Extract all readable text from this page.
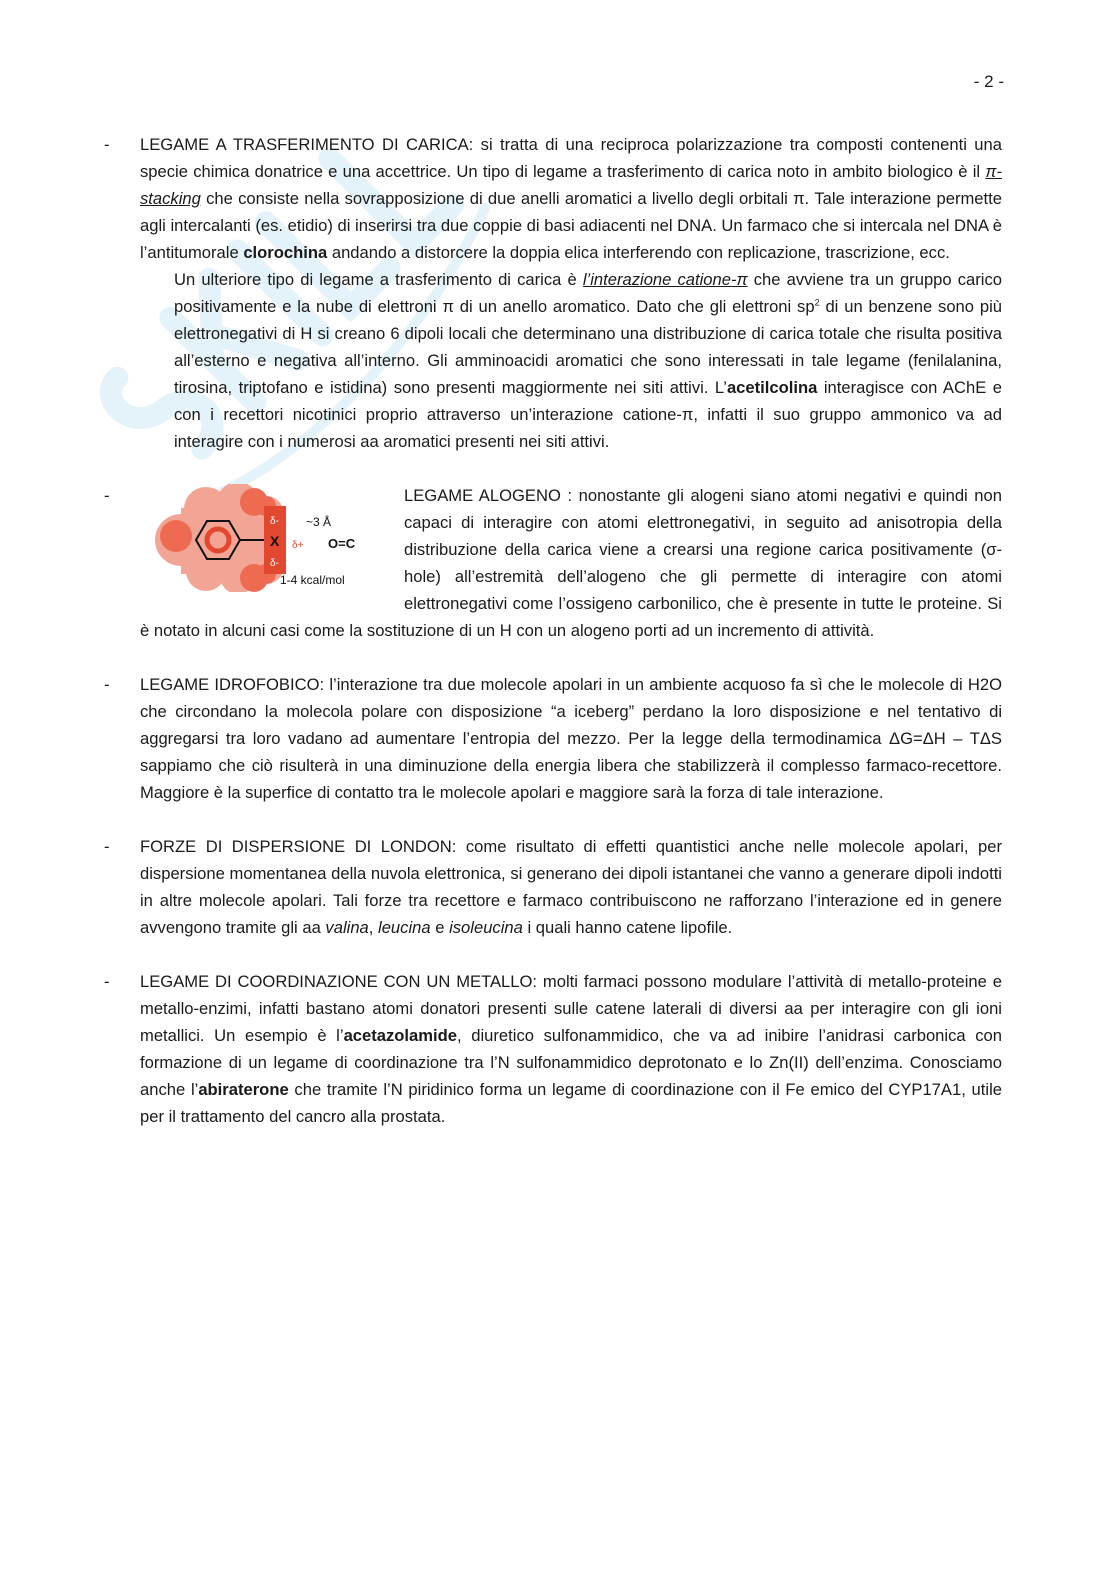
- 2 -
- LEGAME A TRASFERIMENTO DI CARICA: si tratta di una reciproca polarizzazione tra composti contenenti una specie chimica donatrice e una accettrice. Un tipo di legame a trasferimento di carica noto in ambito biologico è il π-stacking che consiste nella sovrapposizione di due anelli aromatici a livello degli orbitali π. Tale interazione permette agli intercalanti (es. etidio) di inserirsi tra due coppie di basi adiacenti nel DNA. Un farmaco che si intercala nel DNA è l’antitumorale clorochina andando a distorcere la doppia elica interferendo con replicazione, trascrizione, ecc.

Un ulteriore tipo di legame a trasferimento di carica è l’interazione catione-π che avviene tra un gruppo carico positivamente e la nube di elettroni π di un anello aromatico. Dato che gli elettroni $sp^2$ di un benzene sono più elettronegativi di H si creano 6 dipoli locali che determinano una distribuzione di carica totale che risulta positiva all’esterno e negativa all’interno. Gli amminoacidi aromatici che sono interessati in tale legame (fenilalanina, tirosina, triptofano e istidina) sono presenti maggiormente nei siti attivi. L’acetilcolina interagisce con AChE e con i recettori nicotinici proprio attraverso un’interazione catione-π, infatti il suo gruppo ammonico va ad interagire con i numerosi aa aromatici presenti nei siti attivi.

-	LEGAME ALOGENO
X
δ-
δ-
δ+
~3 Å
O=C
1-4 kcal/mol
: nonostante gli alogeni siano atomi negativi e quindi non capaci di interagire con atomi elettronegativi, in seguito ad anisotropia della distribuzione della carica viene a crearsi una regione carica positivamente (σ-hole) all’estremità dell’alogeno che gli permette di interagire con atomi elettronegativi come l’ossigeno carbonilico, che è presente in tutte le proteine. Si è notato in alcuni casi come la sostituzione di un H con un alogeno porti ad un incremento di attività.

- LEGAME IDROFOBICO: l’interazione tra due molecole apolari in un ambiente acquoso fa sì che le molecole di H2O che circondano la molecola polare con disposizione “a iceberg” perdano la loro disposizione e nel tentativo di aggregarsi tra loro vadano ad aumentare l’entropia del mezzo. Per la legge della termodinamica ΔG=ΔH – TΔS sappiamo che ciò risulterà in una diminuzione della energia libera che stabilizzerà il complesso farmaco-recettore. Maggiore è la superfice di contatto tra le molecole apolari e maggiore sarà la forza di tale interazione.

- FORZE DI DISPERSIONE DI LONDON: come risultato di effetti quantistici anche nelle molecole apolari, per dispersione momentanea della nuvola elettronica, si generano dei dipoli istantanei che vanno a generare dipoli indotti in altre molecole apolari. Tali forze tra recettore e farmaco contribuiscono ne rafforzano l’interazione ed in genere avvengono tramite gli aa valina, leucina e isoleucina i quali hanno catene lipofile.

- LEGAME DI COORDINAZIONE CON UN METALLO: molti farmaci possono modulare l’attività di metallo-proteine e metallo-enzimi, infatti bastano atomi donatori presenti sulle catene laterali di diversi aa per interagire con gli ioni metallici. Un esempio è l’acetazolamide, diuretico sulfonammidico, che va ad inibire l’anidrasi carbonica con formazione di un legame di coordinazione tra l’N sulfonammidico deprotonato e lo Zn(II) dell’enzima. Conosciamo anche l’abiraterone che tramite l’N piridinico forma un legame di coordinazione con il Fe emico del CYP17A1, utile per il trattamento del cancro alla prostata.
